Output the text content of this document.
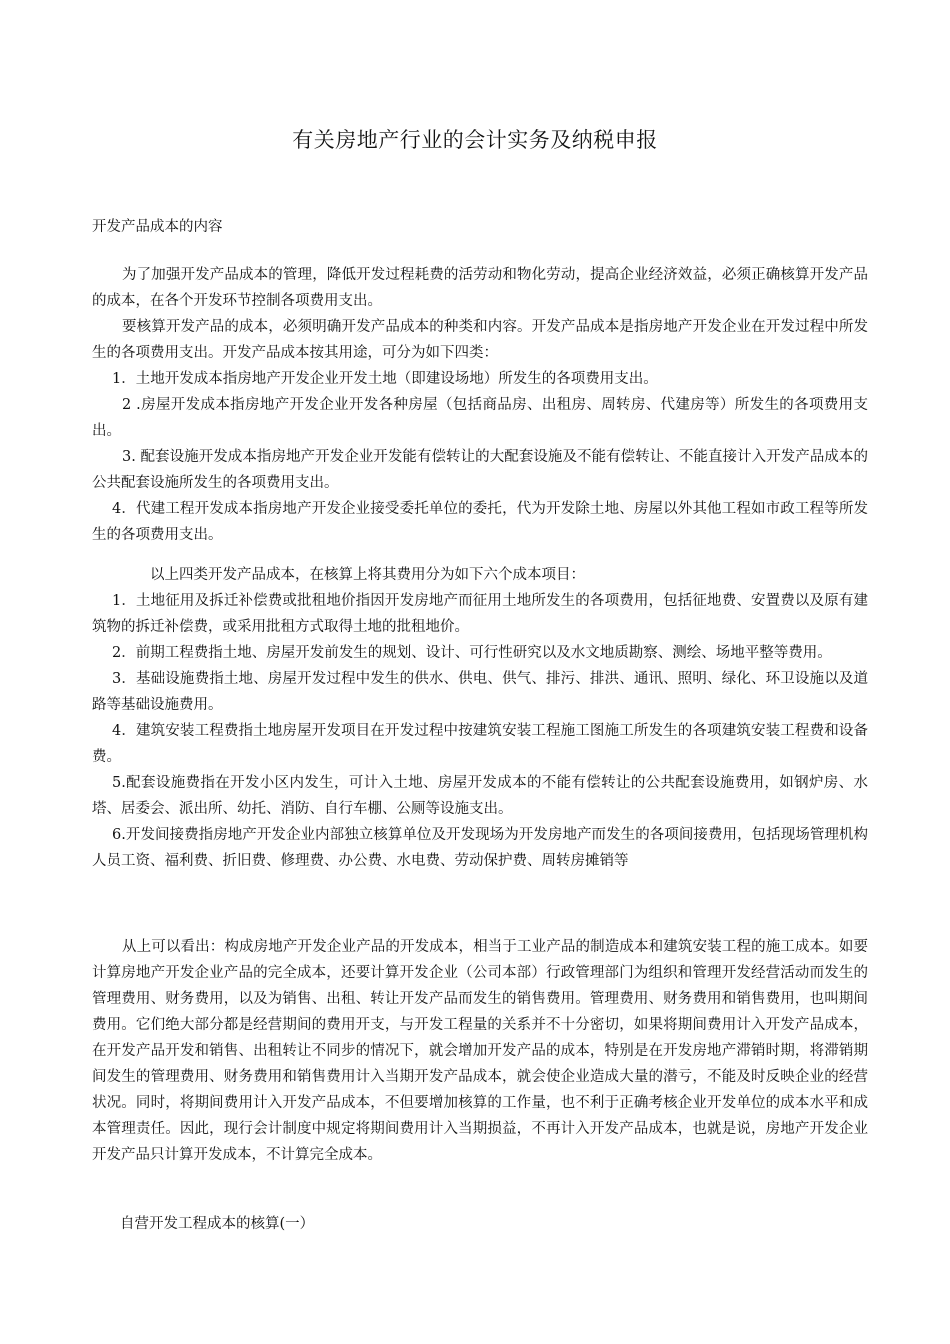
有关房地产行业的会计实务及纳税申报
开发产品成本的内容

为了加强开发产品成本的管理，降低开发过程耗费的活劳动和物化劳动，提高企业经济效益，必须正确核算开发产品的成本，在各个开发环节控制各项费用支出。

要核算开发产品的成本，必须明确开发产品成本的种类和内容。开发产品成本是指房地产开发企业在开发过程中所发生的各项费用支出。开发产品成本按其用途，可分为如下四类：

1．土地开发成本指房地产开发企业开发土地（即建设场地）所发生的各项费用支出。

2 .房屋开发成本指房地产开发企业开发各种房屋（包括商品房、出租房、周转房、代建房等）所发生的各项费用支出。

3. 配套设施开发成本指房地产开发企业开发能有偿转让的大配套设施及不能有偿转让、不能直接计入开发产品成本的公共配套设施所发生的各项费用支出。

4．代建工程开发成本指房地产开发企业接受委托单位的委托，代为开发除土地、房屋以外其他工程如市政工程等所发生的各项费用支出。

以上四类开发产品成本，在核算上将其费用分为如下六个成本项目：

1．土地征用及拆迁补偿费或批租地价指因开发房地产而征用土地所发生的各项费用，包括征地费、安置费以及原有建筑物的拆迁补偿费，或采用批租方式取得土地的批租地价。

2．前期工程费指土地、房屋开发前发生的规划、设计、可行性研究以及水文地质勘察、测绘、场地平整等费用。

3．基础设施费指土地、房屋开发过程中发生的供水、供电、供气、排污、排洪、通讯、照明、绿化、环卫设施以及道路等基础设施费用。

4．建筑安装工程费指土地房屋开发项目在开发过程中按建筑安装工程施工图施工所发生的各项建筑安装工程费和设备费。

5.配套设施费指在开发小区内发生，可计入土地、房屋开发成本的不能有偿转让的公共配套设施费用，如钢炉房、水塔、居委会、派出所、幼托、消防、自行车棚、公厕等设施支出。

6.开发间接费指房地产开发企业内部独立核算单位及开发现场为开发房地产而发生的各项间接费用，包括现场管理机构人员工资、福利费、折旧费、修理费、办公费、水电费、劳动保护费、周转房摊销等

从上可以看出：构成房地产开发企业产品的开发成本，相当于工业产品的制造成本和建筑安装工程的施工成本。如要计算房地产开发企业产品的完全成本，还要计算开发企业（公司本部）行政管理部门为组织和管理开发经营活动而发生的管理费用、财务费用，以及为销售、出租、转让开发产品而发生的销售费用。管理费用、财务费用和销售费用，也叫期间费用。它们绝大部分都是经营期间的费用开支，与开发工程量的关系并不十分密切，如果将期间费用计入开发产品成本，在开发产品开发和销售、出租转让不同步的情况下，就会增加开发产品的成本，特别是在开发房地产滞销时期，将滞销期间发生的管理费用、财务费用和销售费用计入当期开发产品成本，就会使企业造成大量的潜亏，不能及时反映企业的经营状况。同时，将期间费用计入开发产品成本，不但要增加核算的工作量，也不利于正确考核企业开发单位的成本水平和成本管理责任。因此，现行会计制度中规定将期间费用计入当期损益，不再计入开发产品成本，也就是说，房地产开发企业开发产品只计算开发成本，不计算完全成本。

自营开发工程成本的核算(一）
